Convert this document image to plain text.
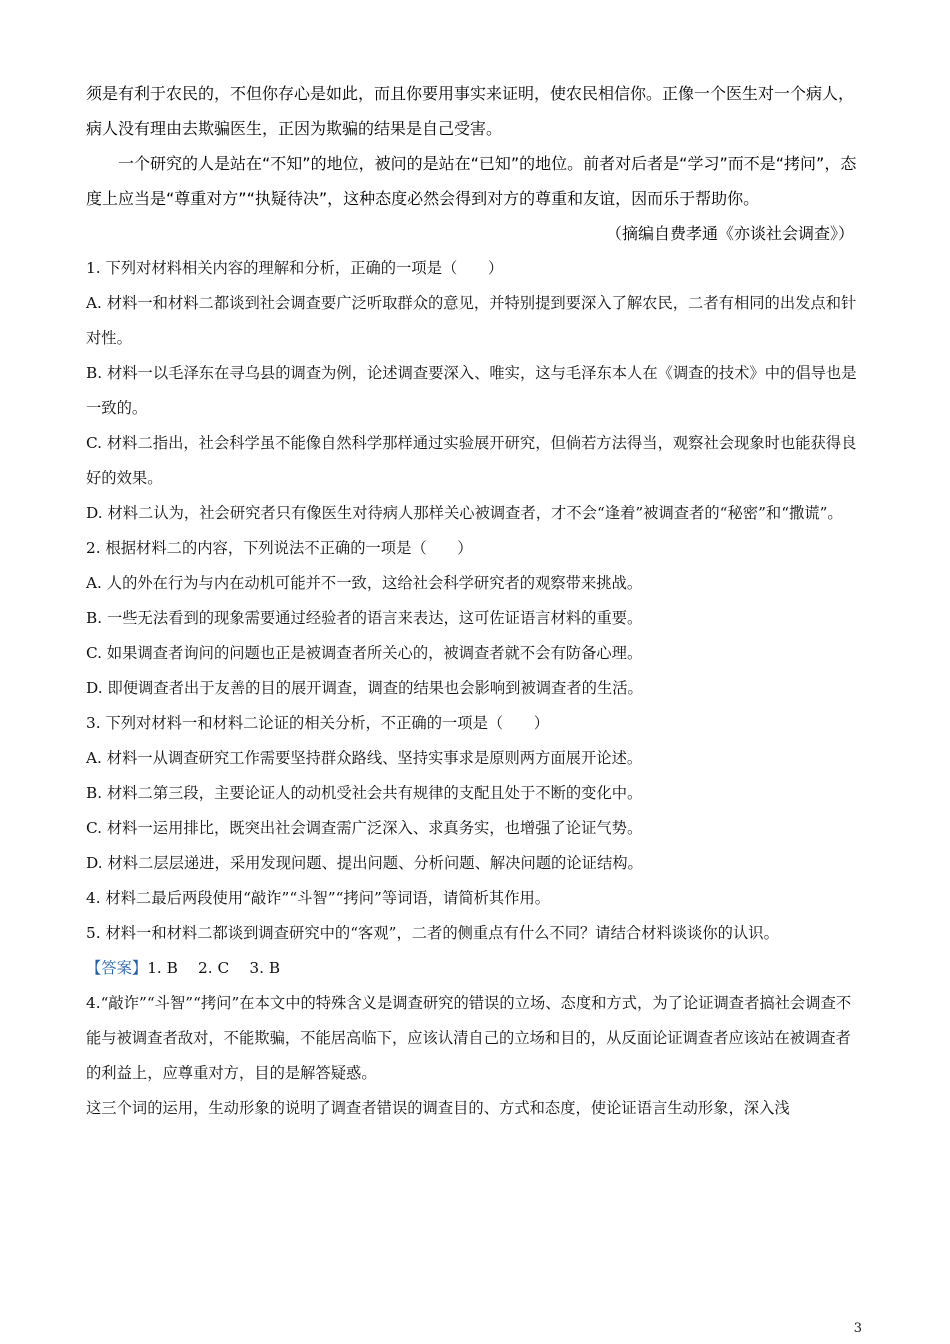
须是有利于农民的，不但你存心是如此，而且你要用事实来证明，使农民相信你。正像一个医生对一个病人，病人没有理由去欺骗医生，正因为欺骗的结果是自己受害。

一个研究的人是站在“不知”的地位，被问的是站在“已知”的地位。前者对后者是“学习”而不是“拷问”，态度上应当是“尊重对方”“执疑待决”，这种态度必然会得到对方的尊重和友谊，因而乐于帮助你。

（摘编自费孝通《亦谈社会调查》）

1. 下列对材料相关内容的理解和分析，正确的一项是（　　）

A. 材料一和材料二都谈到社会调查要广泛听取群众的意见，并特别提到要深入了解农民，二者有相同的出发点和针对性。

B. 材料一以毛泽东在寻乌县的调查为例，论述调查要深入、唯实，这与毛泽东本人在《调查的技术》中的倡导也是一致的。

C. 材料二指出，社会科学虽不能像自然科学那样通过实验展开研究，但倘若方法得当，观察社会现象时也能获得良好的效果。

D. 材料二认为，社会研究者只有像医生对待病人那样关心被调查者，才不会“逢着”被调查者的“秘密”和“撒谎”。

2. 根据材料二的内容，下列说法不正确的一项是（　　）

A. 人的外在行为与内在动机可能并不一致，这给社会科学研究者的观察带来挑战。

B. 一些无法看到的现象需要通过经验者的语言来表达，这可佐证语言材料的重要。

C. 如果调查者询问的问题也正是被调查者所关心的，被调查者就不会有防备心理。

D. 即便调查者出于友善的目的展开调查，调查的结果也会影响到被调查者的生活。

3. 下列对材料一和材料二论证的相关分析，不正确的一项是（　　）

A. 材料一从调查研究工作需要坚持群众路线、坚持实事求是原则两方面展开论述。

B. 材料二第三段，主要论证人的动机受社会共有规律的支配且处于不断的变化中。

C. 材料一运用排比，既突出社会调查需广泛深入、求真务实，也增强了论证气势。

D. 材料二层层递进，采用发现问题、提出问题、分析问题、解决问题的论证结构。

4. 材料二最后两段使用“敲诈”“斗智”“拷问”等词语，请简析其作用。

5. 材料一和材料二都谈到调查研究中的“客观”，二者的侧重点有什么不同？请结合材料谈谈你的认识。

【答案】1. B　 2. C　 3. B

4.“敲诈”“斗智”“拷问”在本文中的特殊含义是调查研究的错误的立场、态度和方式，为了论证调查者搞社会调查不能与被调查者敌对，不能欺骗，不能居高临下，应该认清自己的立场和目的，从反面论证调查者应该站在被调查者的利益上，应尊重对方，目的是解答疑惑。

这三个词的运用，生动形象的说明了调查者错误的调查目的、方式和态度，使论证语言生动形象，深入浅

3
